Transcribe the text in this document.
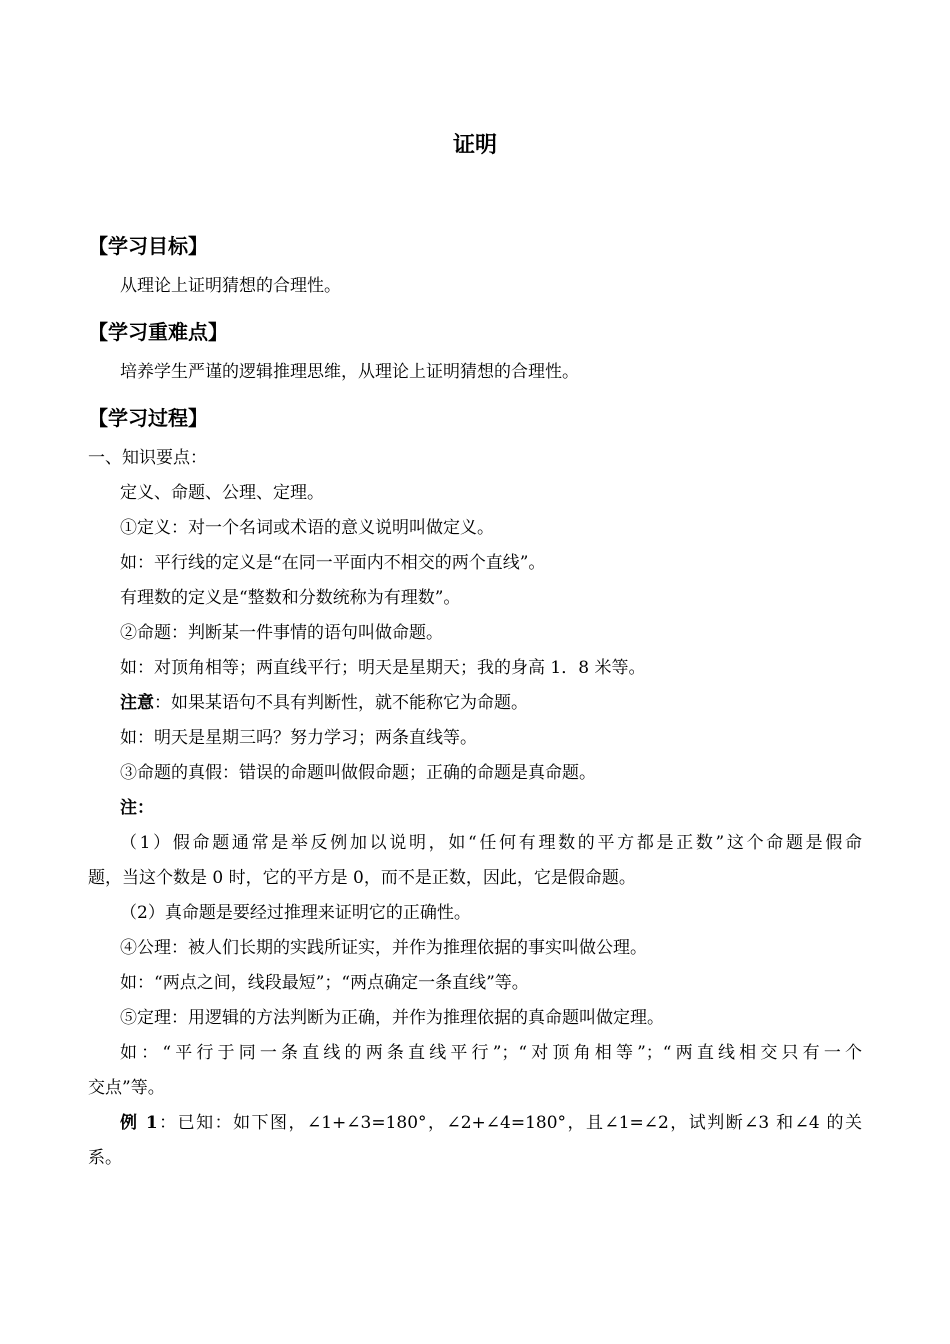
证明
【学习目标】
从理论上证明猜想的合理性。
【学习重难点】
培养学生严谨的逻辑推理思维，从理论上证明猜想的合理性。
【学习过程】
一、知识要点：
定义、命题、公理、定理。
①定义：对一个名词或术语的意义说明叫做定义。
如：平行线的定义是“在同一平面内不相交的两个直线”。
有理数的定义是“整数和分数统称为有理数”。
②命题：判断某一件事情的语句叫做命题。
如：对顶角相等；两直线平行；明天是星期天；我的身高 1．8 米等。
注意：如果某语句不具有判断性，就不能称它为命题。
如：明天是星期三吗？努力学习；两条直线等。
③命题的真假：错误的命题叫做假命题；正确的命题是真命题。
注：
（1）假命题通常是举反例加以说明，如“任何有理数的平方都是正数”这个命题是假命
题，当这个数是 0 时，它的平方是 0，而不是正数，因此，它是假命题。
（2）真命题是要经过推理来证明它的正确性。
④公理：被人们长期的实践所证实，并作为推理依据的事实叫做公理。
如：“两点之间，线段最短”；“两点确定一条直线”等。
⑤定理：用逻辑的方法判断为正确，并作为推理依据的真命题叫做定理。
如：“平行于同一条直线的两条直线平行”；“对顶角相等”；“两直线相交只有一个
交点”等。
例 1：已知：如下图，∠1+∠3=180°，∠2+∠4=180°，且∠1=∠2，试判断∠3 和∠4 的关
系。
